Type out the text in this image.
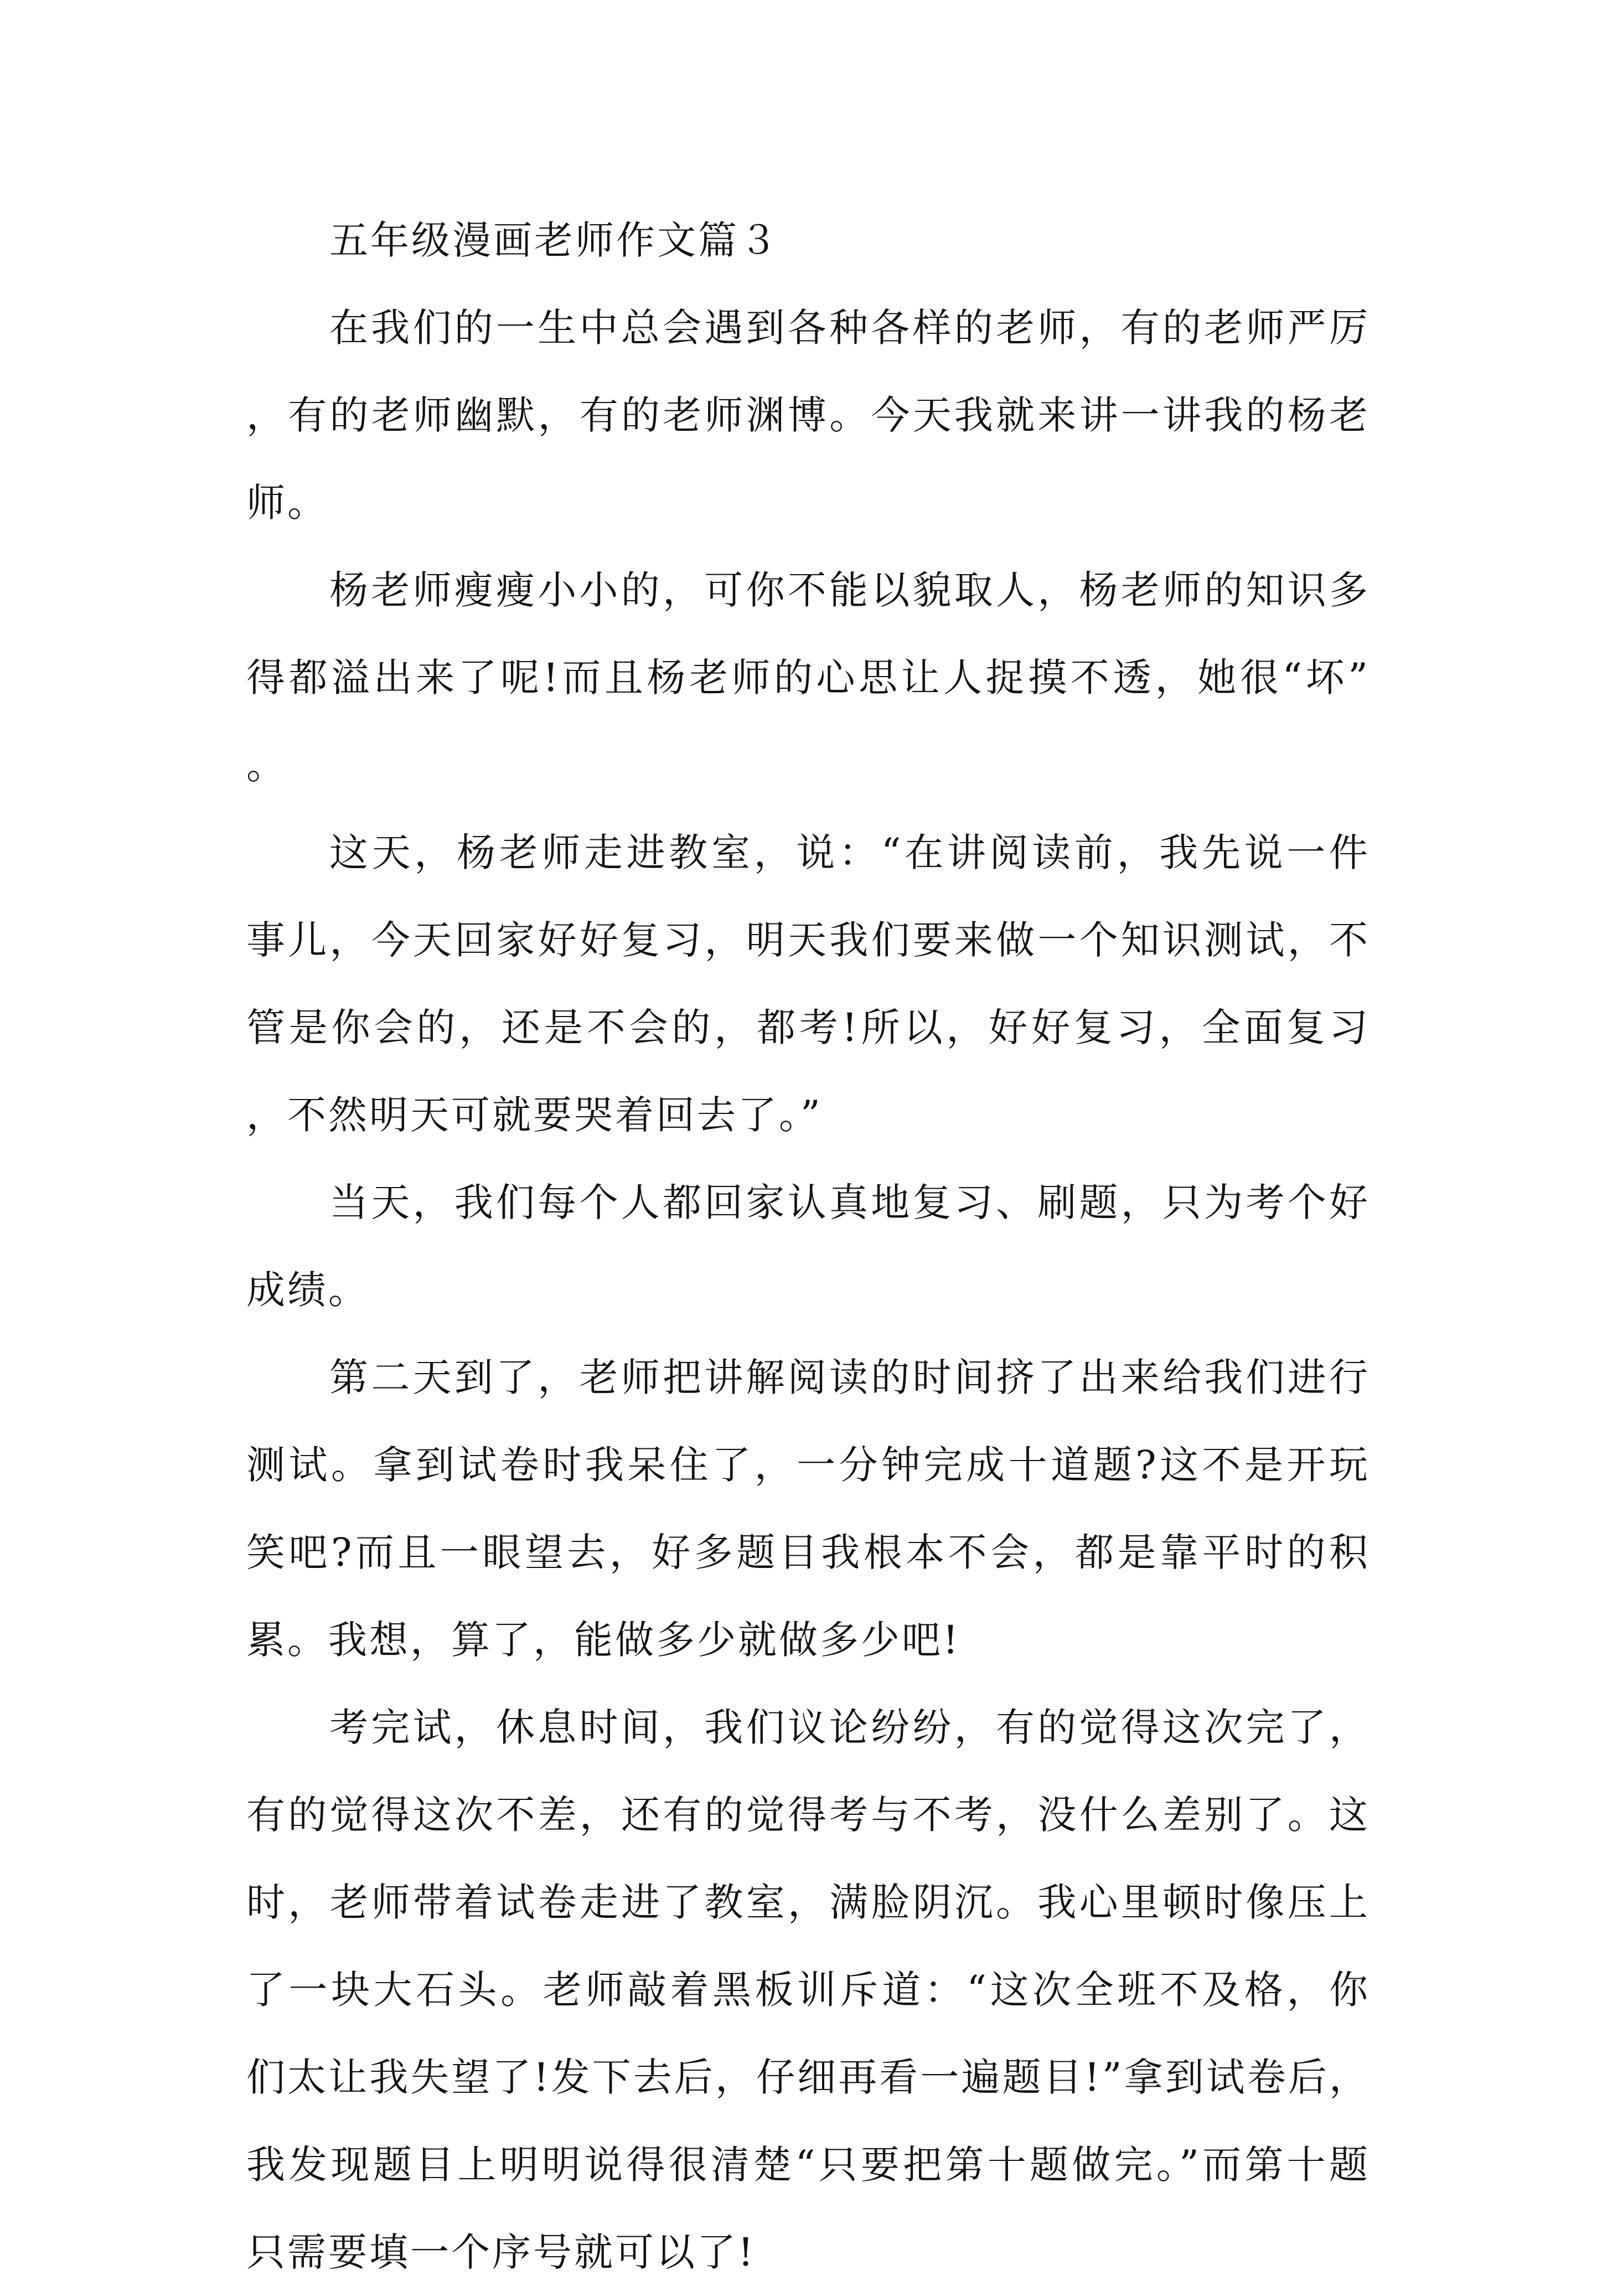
五年级漫画老师作文篇３

在我们的一生中总会遇到各种各样的老师，有的老师严厉，有的老师幽默，有的老师渊博。今天我就来讲一讲我的杨老师。

杨老师瘦瘦小小的，可你不能以貌取人，杨老师的知识多得都溢出来了呢!而且杨老师的心思让人捉摸不透，她很“坏”。

这天，杨老师走进教室，说：“在讲阅读前，我先说一件事儿，今天回家好好复习，明天我们要来做一个知识测试，不管是你会的，还是不会的，都考!所以，好好复习，全面复习，不然明天可就要哭着回去了。”

当天，我们每个人都回家认真地复习、刷题，只为考个好成绩。

第二天到了，老师把讲解阅读的时间挤了出来给我们进行测试。拿到试卷时我呆住了，一分钟完成十道题?这不是开玩笑吧?而且一眼望去，好多题目我根本不会，都是靠平时的积累。我想，算了，能做多少就做多少吧!

考完试，休息时间，我们议论纷纷，有的觉得这次完了，有的觉得这次不差，还有的觉得考与不考，没什么差别了。这时，老师带着试卷走进了教室，满脸阴沉。我心里顿时像压上了一块大石头。老师敲着黑板训斥道：“这次全班不及格，你们太让我失望了!发下去后，仔细再看一遍题目!”拿到试卷后，我发现题目上明明说得很清楚“只要把第十题做完。”而第十题只需要填一个序号就可以了!
